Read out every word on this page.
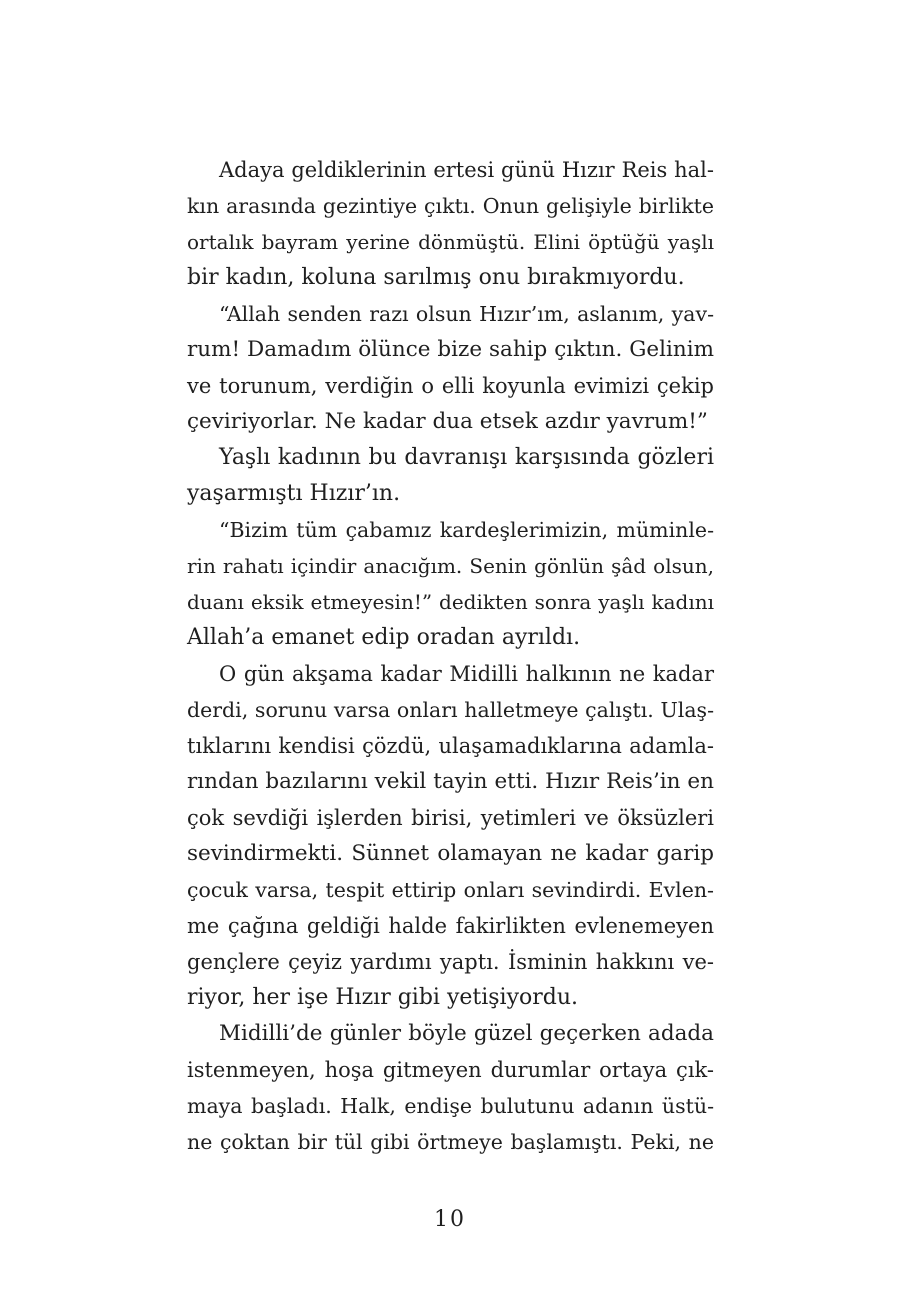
Adaya geldiklerinin ertesi günü Hızır Reis hal-
kın arasında gezintiye çıktı. Onun gelişiyle birlikte
ortalık bayram yerine dönmüştü. Elini öptüğü yaşlı
bir kadın, koluna sarılmış onu bırakmıyordu.

“Allah senden razı olsun Hızır’ım, aslanım, yav-
rum! Damadım ölünce bize sahip çıktın. Gelinim
ve torunum, verdiğin o elli koyunla evimizi çekip
çeviriyorlar. Ne kadar dua etsek azdır yavrum!”

Yaşlı kadının bu davranışı karşısında gözleri
yaşarmıştı Hızır’ın.

“Bizim tüm çabamız kardeşlerimizin, müminle-
rin rahatı içindir anacığım. Senin gönlün şâd olsun,
duanı eksik etmeyesin!” dedikten sonra yaşlı kadını
Allah’a emanet edip oradan ayrıldı.

O gün akşama kadar Midilli halkının ne kadar
derdi, sorunu varsa onları halletmeye çalıştı. Ulaş-
tıklarını kendisi çözdü, ulaşamadıklarına adamla-
rından bazılarını vekil tayin etti. Hızır Reis’in en
çok sevdiği işlerden birisi, yetimleri ve öksüzleri
sevindirmekti. Sünnet olamayan ne kadar garip
çocuk varsa, tespit ettirip onları sevindirdi. Evlen-
me çağına geldiği halde fakirlikten evlenemeyen
gençlere çeyiz yardımı yaptı. İsminin hakkını ve-
riyor, her işe Hızır gibi yetişiyordu.

Midilli’de günler böyle güzel geçerken adada
istenmeyen, hoşa gitmeyen durumlar ortaya çık-
maya başladı. Halk, endişe bulutunu adanın üstü-
ne çoktan bir tül gibi örtmeye başlamıştı. Peki, ne

10
